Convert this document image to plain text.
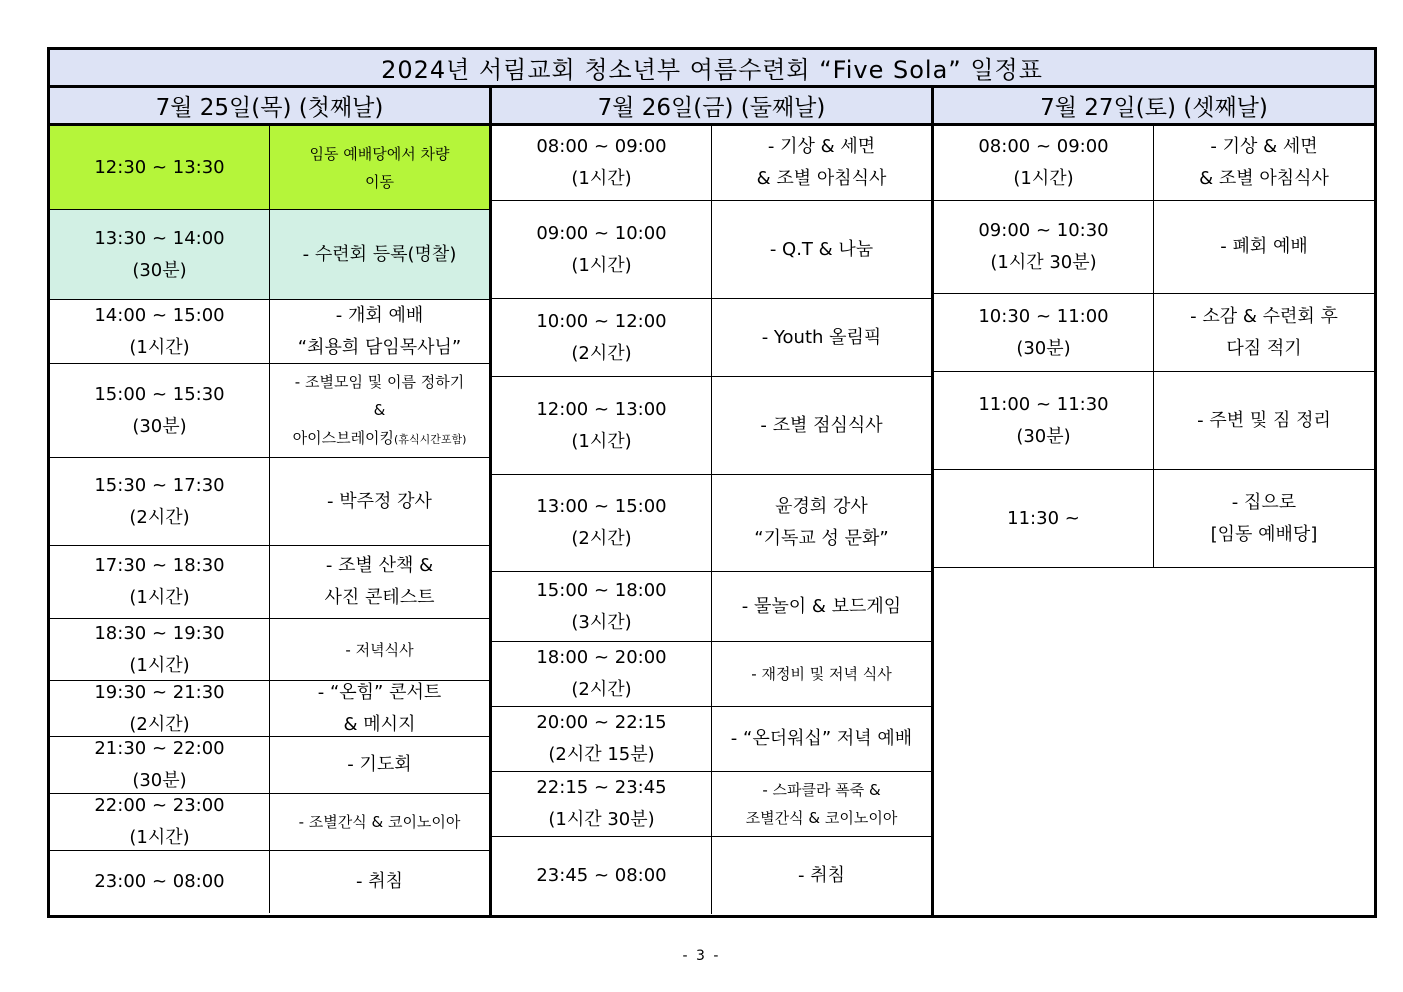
2024년 서림교회 청소년부 여름수련회 “Five Sola” 일정표
7월 25일(목) (첫째날)
12:30 ~ 13:30
임동 예배당에서 차량
이동
13:30 ~ 14:00
(30분)
- 수련회 등록(명찰)
14:00 ~ 15:00
(1시간)
- 개회 예배
“최용희 담임목사님”
15:00 ~ 15:30
(30분)
- 조별모임 및 이름 정하기
&
아이스브레이킹(휴식시간포함)
15:30 ~ 17:30
(2시간)
- 박주정 강사
17:30 ~ 18:30
(1시간)
- 조별 산책 &
사진 콘테스트
18:30 ~ 19:30
(1시간)
- 저녁식사
19:30 ~ 21:30
(2시간)
- “온힘” 콘서트
& 메시지
21:30 ~ 22:00
(30분)
- 기도회
22:00 ~ 23:00
(1시간)
- 조별간식 & 코이노이아
23:00 ~ 08:00	- 취침
7월 26일(금) (둘째날)
08:00 ~ 09:00
(1시간)
- 기상 & 세면
& 조별 아침식사
09:00 ~ 10:00
(1시간)
- Q.T & 나눔
10:00 ~ 12:00
(2시간)
- Youth 올림픽
12:00 ~ 13:00
(1시간)
- 조별 점심식사
13:00 ~ 15:00
(2시간)
윤경희 강사
“기독교 성 문화”
15:00 ~ 18:00
(3시간)
- 물놀이 & 보드게임
18:00 ~ 20:00
(2시간)
- 재정비 및 저녁 식사
20:00 ~ 22:15
(2시간 15분)
- “온더워십” 저녁 예배
22:15 ~ 23:45
(1시간 30분)
- 스파클라 폭죽 &
조별간식 & 코이노이아
23:45 ~ 08:00	- 취침
7월 27일(토) (셋째날)
08:00 ~ 09:00
(1시간)
- 기상 & 세면
& 조별 아침식사
09:00 ~ 10:30
(1시간 30분)
- 폐회 예배
10:30 ~ 11:00
(30분)
- 소감 & 수련회 후
다짐 적기
11:00 ~ 11:30
(30분)
- 주변 및 짐 정리
11:30 ~
- 집으로
[임동 예배당]
- 3 -
